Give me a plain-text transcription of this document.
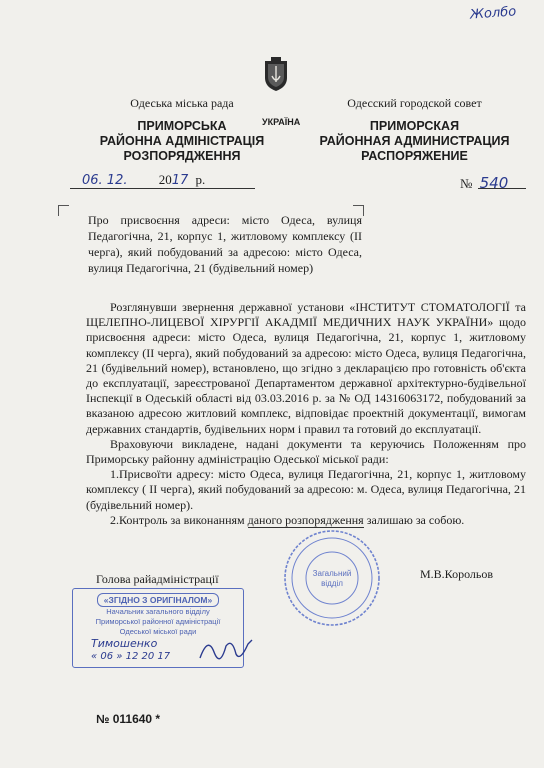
Жолбо
УКРАЇНА
Одеська міська рада
ПРИМОРСЬКА
РАЙОННА АДМІНІСТРАЦІЯ
РОЗПОРЯДЖЕННЯ
Одесский городской совет
ПРИМОРСКАЯ
РАЙОННАЯ АДМИНИСТРАЦИЯ
РАСПОРЯЖЕНИЕ
06. 12. 2017 р.	№ 540
Про присвоєння адреси: місто Одеса, вулиця Педагогічна, 21, корпус 1, житловому комплексу (II черга), який побудований за адресою: місто Одеса, вулиця Педагогічна, 21 (будівельний номер)

Розглянувши звернення державної установи «ІНСТИТУТ СТОМАТОЛОГІЇ та ЩЕЛЕПНО-ЛИЦЕВОЇ ХІРУРГІЇ АКАДМІЇ МЕДИЧНИХ НАУК УКРАЇНИ» щодо присвоєння адреси: місто Одеса, вулиця Педагогічна, 21, корпус 1, житловому комплексу (II черга), який побудований за адресою: місто Одеса, вулиця Педагогічна, 21 (будівельний номер), встановлено, що згідно з декларацією про готовність об'єкта до експлуатації, зареєстрованої Департаментом державної архітектурно-будівельної Інспекції в Одеській області від 03.03.2016 р. за № ОД 14316063172, побудований за вказаною адресою житловий комплекс, відповідає проектній документації, вимогам державних стандартів, будівельних норм і правил та готовий до експлуатації.

Враховуючи викладене, надані документи та керуючись Положенням про Приморську районну адміністрацію Одеської міської ради:

1.Присвоїти адресу: місто Одеса, вулиця Педагогічна, 21, корпус 1, житловому комплексу ( II черга), який побудований за адресою: м. Одеса, вулиця Педагогічна, 21 (будівельний номер).

2.Контроль за виконанням даного розпорядження залишаю за собою.

Загальний
відділ
Голова райадміністрації	М.В.Корольов
«ЗГІДНО З ОРИГІНАЛОМ»
Начальник загального відділу
Приморської районної адміністрації
Одеської міської ради
Тимошенко
« 06 » 12 20 17
№ 011640 *
